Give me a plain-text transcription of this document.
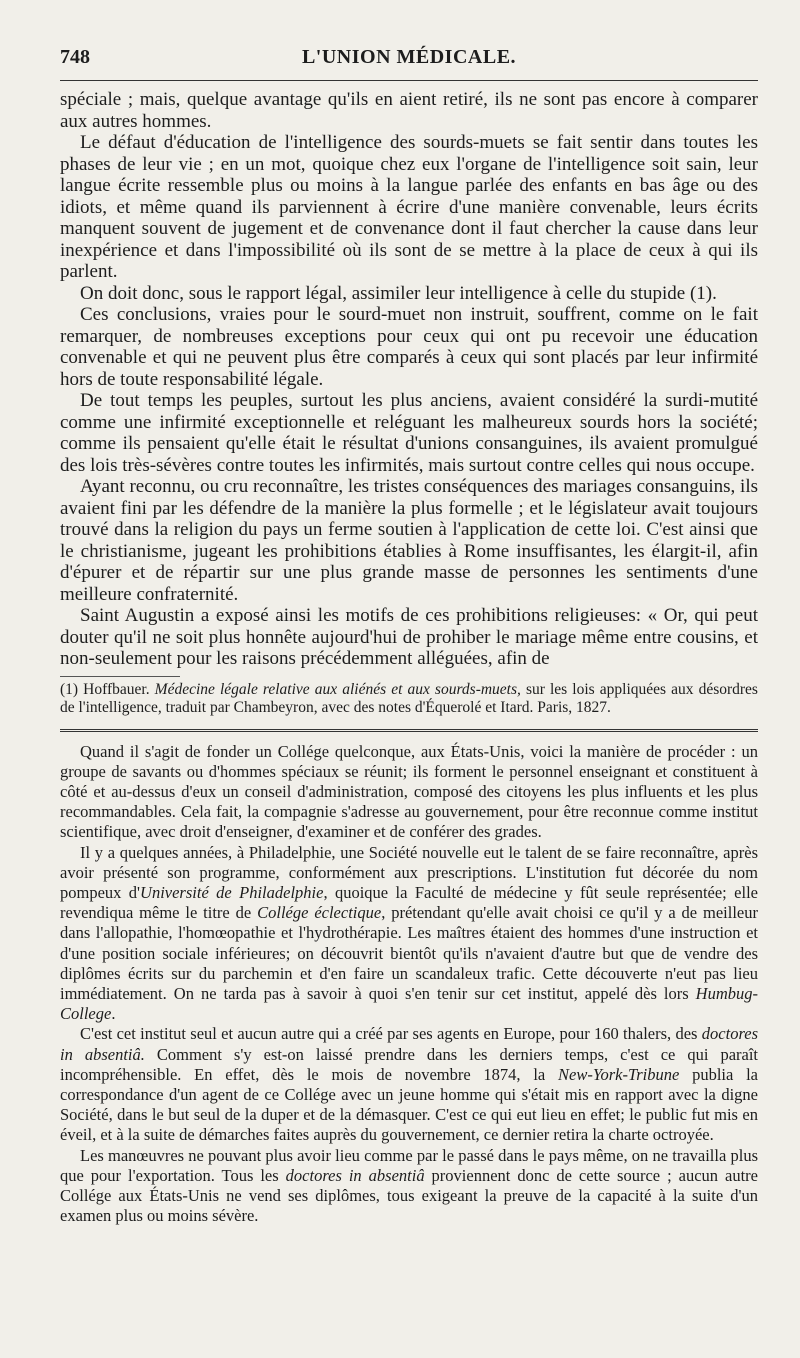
748	L'UNION MÉDICALE.

spéciale ; mais, quelque avantage qu'ils en aient retiré, ils ne sont pas encore à comparer aux autres hommes.

Le défaut d'éducation de l'intelligence des sourds-muets se fait sentir dans toutes les phases de leur vie ; en un mot, quoique chez eux l'organe de l'intelligence soit sain, leur langue écrite ressemble plus ou moins à la langue parlée des enfants en bas âge ou des idiots, et même quand ils parviennent à écrire d'une manière convenable, leurs écrits manquent souvent de jugement et de convenance dont il faut chercher la cause dans leur inexpérience et dans l'impossibilité où ils sont de se mettre à la place de ceux à qui ils parlent.

On doit donc, sous le rapport légal, assimiler leur intelligence à celle du stupide (1).

Ces conclusions, vraies pour le sourd-muet non instruit, souffrent, comme on le fait remarquer, de nombreuses exceptions pour ceux qui ont pu recevoir une éducation convenable et qui ne peuvent plus être comparés à ceux qui sont placés par leur infirmité hors de toute responsabilité légale.

De tout temps les peuples, surtout les plus anciens, avaient considéré la surdi-mutité comme une infirmité exceptionnelle et reléguant les malheureux sourds hors la société; comme ils pensaient qu'elle était le résultat d'unions consanguines, ils avaient promulgué des lois très-sévères contre toutes les infirmités, mais surtout contre celles qui nous occupe.

Ayant reconnu, ou cru reconnaître, les tristes conséquences des mariages consanguins, ils avaient fini par les défendre de la manière la plus formelle ; et le législateur avait toujours trouvé dans la religion du pays un ferme soutien à l'application de cette loi. C'est ainsi que le christianisme, jugeant les prohibitions établies à Rome insuffisantes, les élargit-il, afin d'épurer et de répartir sur une plus grande masse de personnes les sentiments d'une meilleure confraternité.

Saint Augustin a exposé ainsi les motifs de ces prohibitions religieuses: « Or, qui peut douter qu'il ne soit plus honnête aujourd'hui de prohiber le mariage même entre cousins, et non-seulement pour les raisons précédemment alléguées, afin de

(1) Hoffbauer. Médecine légale relative aux aliénés et aux sourds-muets, sur les lois appliquées aux désordres de l'intelligence, traduit par Chambeyron, avec des notes d'Équerolé et Itard. Paris, 1827.

Quand il s'agit de fonder un Collége quelconque, aux États-Unis, voici la manière de procéder : un groupe de savants ou d'hommes spéciaux se réunit; ils forment le personnel enseignant et constituent à côté et au-dessus d'eux un conseil d'administration, composé des citoyens les plus influents et les plus recommandables. Cela fait, la compagnie s'adresse au gouvernement, pour être reconnue comme institut scientifique, avec droit d'enseigner, d'examiner et de conférer des grades.

Il y a quelques années, à Philadelphie, une Société nouvelle eut le talent de se faire reconnaître, après avoir présenté son programme, conformément aux prescriptions. L'institution fut décorée du nom pompeux d'Université de Philadelphie, quoique la Faculté de médecine y fût seule représentée; elle revendiqua même le titre de Collége éclectique, prétendant qu'elle avait choisi ce qu'il y a de meilleur dans l'allopathie, l'homœopathie et l'hydrothérapie. Les maîtres étaient des hommes d'une instruction et d'une position sociale inférieures; on découvrit bientôt qu'ils n'avaient d'autre but que de vendre des diplômes écrits sur du parchemin et d'en faire un scandaleux trafic. Cette découverte n'eut pas lieu immédiatement. On ne tarda pas à savoir à quoi s'en tenir sur cet institut, appelé dès lors Humbug-College.

C'est cet institut seul et aucun autre qui a créé par ses agents en Europe, pour 160 thalers, des doctores in absentiâ. Comment s'y est-on laissé prendre dans les derniers temps, c'est ce qui paraît incompréhensible. En effet, dès le mois de novembre 1874, la New-York-Tribune publia la correspondance d'un agent de ce Collége avec un jeune homme qui s'était mis en rapport avec la digne Société, dans le but seul de la duper et de la démasquer. C'est ce qui eut lieu en effet; le public fut mis en éveil, et à la suite de démarches faites auprès du gouvernement, ce dernier retira la charte octroyée.

Les manœuvres ne pouvant plus avoir lieu comme par le passé dans le pays même, on ne travailla plus que pour l'exportation. Tous les doctores in absentiâ proviennent donc de cette source ; aucun autre Collége aux États-Unis ne vend ses diplômes, tous exigeant la preuve de la capacité à la suite d'un examen plus ou moins sévère.
